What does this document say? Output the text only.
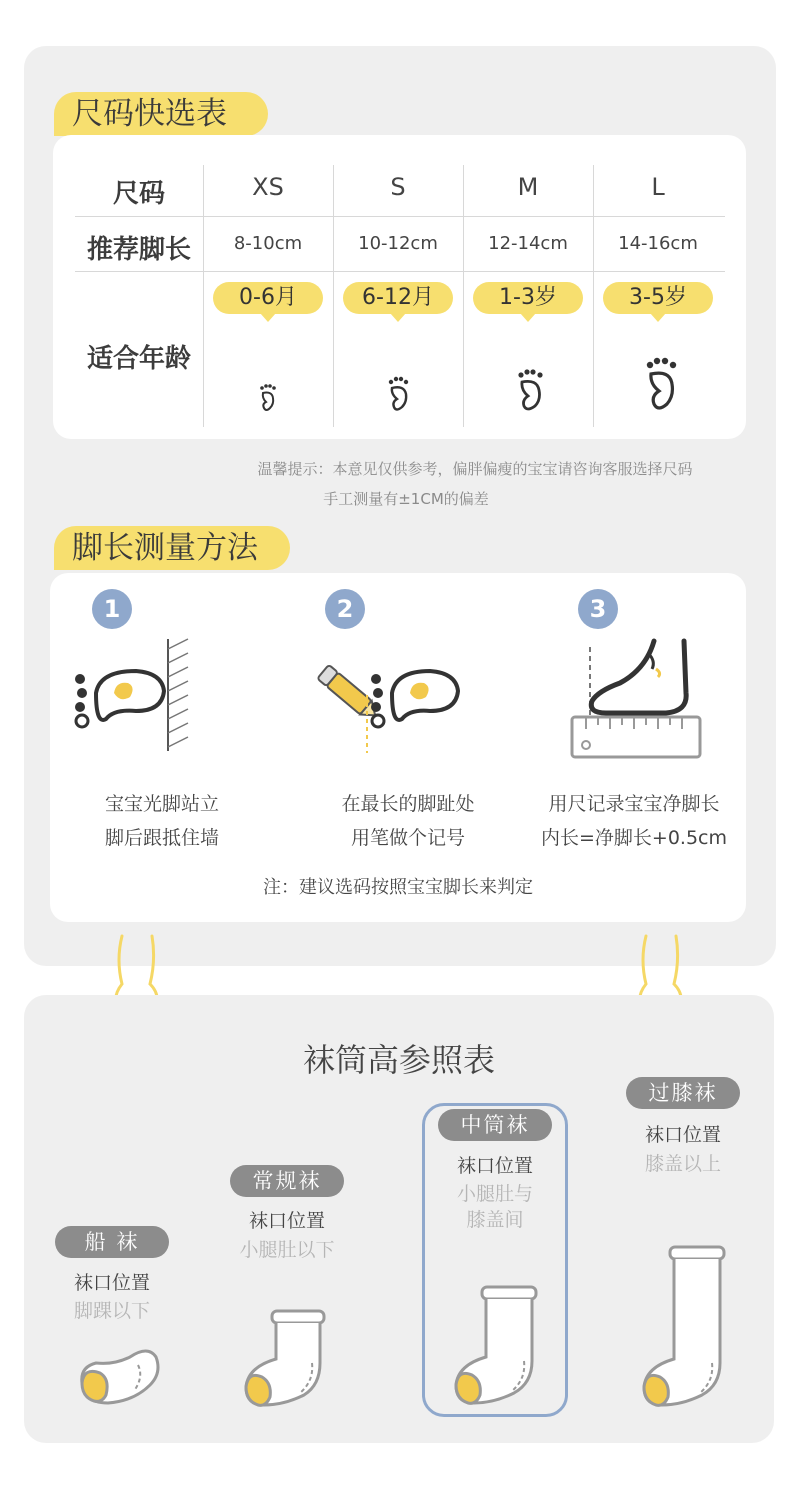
尺码快选表
尺码	XS	S	M	L
推荐脚长	8-10cm	10-12cm	12-14cm	14-16cm
适合年龄
0-6月	6-12月	1-3岁	3-5岁
温馨提示：本意见仅供参考，偏胖偏瘦的宝宝请咨询客服选择尺码
手工测量有±1CM的偏差
脚长测量方法
1	2	3
宝宝光脚站立
脚后跟抵住墙
在最长的脚趾处
用笔做个记号
用尺记录宝宝净脚长
内长=净脚长+0.5cm
注：建议选码按照宝宝脚长来判定
袜筒高参照表
船 袜
袜口位置
脚踝以下
常规袜
袜口位置
小腿肚以下
中筒袜
袜口位置
小腿肚与
膝盖间
过膝袜
袜口位置
膝盖以上
